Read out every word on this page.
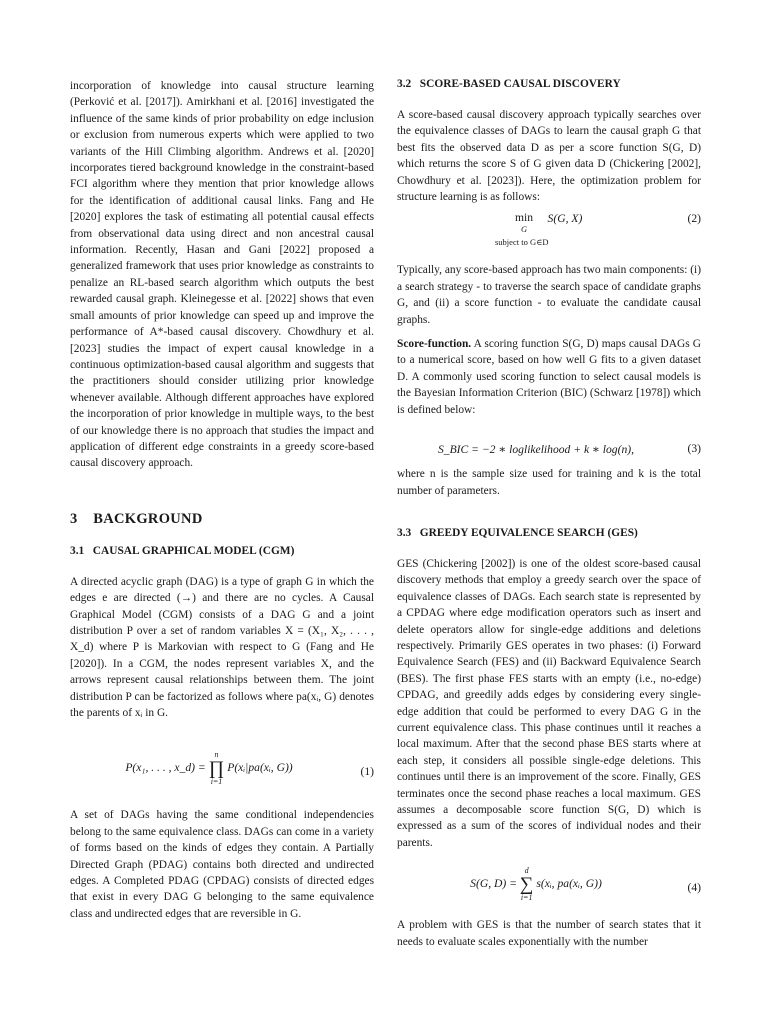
incorporation of knowledge into causal structure learning (Perković et al. [2017]). Amirkhani et al. [2016] investigated the influence of the same kinds of prior probability on edge inclusion or exclusion from numerous experts which were applied to two variants of the Hill Climbing algorithm. Andrews et al. [2020] incorporates tiered background knowledge in the constraint-based FCI algorithm where they mention that prior knowledge allows for the identification of additional causal links. Fang and He [2020] explores the task of estimating all potential causal effects from observational data using direct and non ancestral causal information. Recently, Hasan and Gani [2022] proposed a generalized framework that uses prior knowledge as constraints to penalize an RL-based search algorithm which outputs the best rewarded causal graph. Kleinegesse et al. [2022] shows that even small amounts of prior knowledge can speed up and improve the performance of A*-based causal discovery. Chowdhury et al. [2023] studies the impact of expert causal knowledge in a continuous optimization-based causal algorithm and suggests that the practitioners should consider utilizing prior knowledge whenever available. Although different approaches have explored the incorporation of prior knowledge in multiple ways, to the best of our knowledge there is no approach that studies the impact and application of different edge constraints in a greedy score-based causal discovery approach.

3 BACKGROUND
3.1 CAUSAL GRAPHICAL MODEL (CGM)

A directed acyclic graph (DAG) is a type of graph G in which the edges e are directed (→) and there are no cycles. A Causal Graphical Model (CGM) consists of a DAG G and a joint distribution P over a set of random variables X = (X₁, X₂, . . . , X_d) where P is Markovian with respect to G (Fang and He [2020]). In a CGM, the nodes represent variables X, and the arrows represent causal relationships between them. The joint distribution P can be factorized as follows where pa(xᵢ, G) denotes the parents of xᵢ in G.

P(x₁, . . . , x_d) =
n
∏
i=1
P(xᵢ|pa(xᵢ, G))	(1)

A set of DAGs having the same conditional independencies belong to the same equivalence class. DAGs can come in a variety of forms based on the kinds of edges they contain. A Partially Directed Graph (PDAG) contains both directed and undirected edges. A Completed PDAG (CPDAG) consists of directed edges that exist in every DAG G belonging to the same equivalence class and undirected edges that are reversible in G.

3.2 SCORE-BASED CAUSAL DISCOVERY

A score-based causal discovery approach typically searches over the equivalence classes of DAGs to learn the causal graph G that best fits the observed data D as per a score function S(G, D) which returns the score S of G given data D (Chickering [2002], Chowdhury et al. [2023]). Here, the optimization problem for structure learning is as follows:

min
G
S(G, X)
subject to G∈D
(2)

Typically, any score-based approach has two main components: (i) a search strategy - to traverse the search space of candidate graphs G, and (ii) a score function - to evaluate the candidate causal graphs.

Score-function. A scoring function S(G, D) maps causal DAGs G to a numerical score, based on how well G fits to a given dataset D. A commonly used scoring function to select causal models is the Bayesian Information Criterion (BIC) (Schwarz [1978]) which is defined below:

S_BIC = −2 ∗ loglikelihood + k ∗ log(n),	(3)

where n is the sample size used for training and k is the total number of parameters.

3.3 GREEDY EQUIVALENCE SEARCH (GES)

GES (Chickering [2002]) is one of the oldest score-based causal discovery methods that employ a greedy search over the space of equivalence classes of DAGs. Each search state is represented by a CPDAG where edge modification operators such as insert and delete operators allow for single-edge additions and deletions respectively. Primarily GES operates in two phases: (i) Forward Equivalence Search (FES) and (ii) Backward Equivalence Search (BES). The first phase FES starts with an empty (i.e., no-edge) CPDAG, and greedily adds edges by considering every single-edge addition that could be performed to every DAG G in the current equivalence class. This phase continues until it reaches a local maximum. After that the second phase BES starts where at each step, it considers all possible single-edge deletions. This continues until there is an improvement of the score. Finally, GES terminates once the second phase reaches a local maximum. GES assumes a decomposable score function S(G, D) which is expressed as a sum of the scores of individual nodes and their parents.

S(G, D) =
d
∑
i=1
s(xᵢ, pa(xᵢ, G))	(4)

A problem with GES is that the number of search states that it needs to evaluate scales exponentially with the number
